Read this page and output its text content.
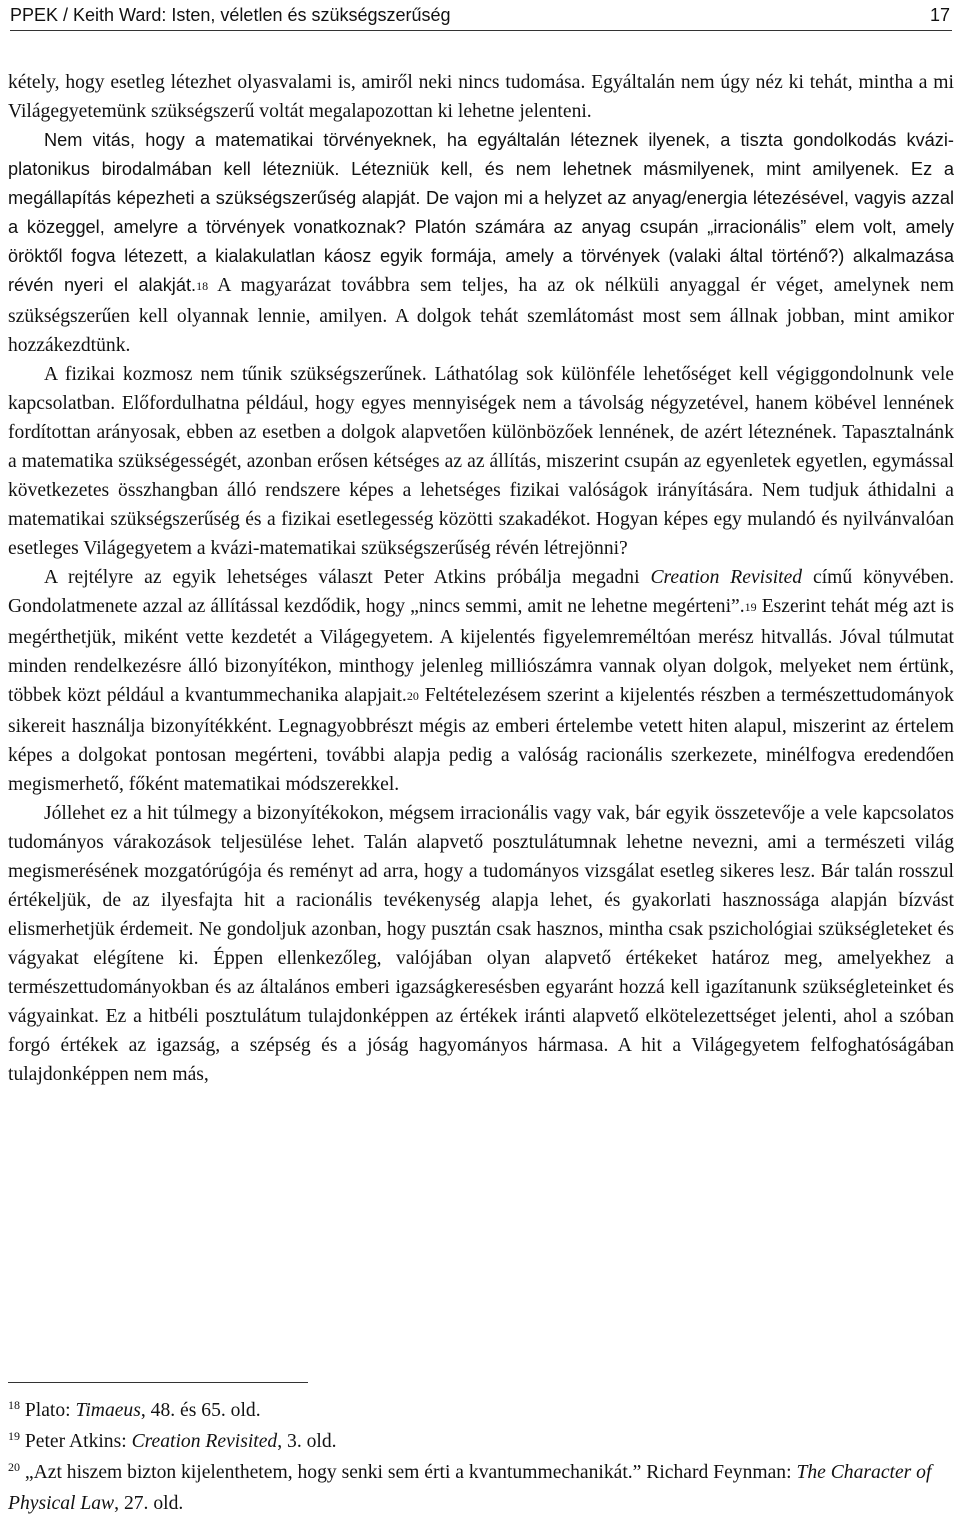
PPEK / Keith Ward: Isten, véletlen és szükségszerűség	17

kétely, hogy esetleg létezhet olyasvalami is, amiről neki nincs tudomása. Egyáltalán nem úgy néz ki tehát, mintha a mi Világegyetemünk szükségszerű voltát megalapozottan ki lehetne jelenteni.

Nem vitás, hogy a matematikai törvényeknek, ha egyáltalán léteznek ilyenek, a tiszta gondolkodás kvázi-platonikus birodalmában kell létezniük. Létezniük kell, és nem lehetnek másmilyenek, mint amilyenek. Ez a megállapítás képezheti a szükségszerűség alapját. De vajon mi a helyzet az anyag/energia létezésével, vagyis azzal a közeggel, amelyre a törvények vonatkoznak? Platón számára az anyag csupán „irracionális” elem volt, amely öröktől fogva létezett, a kialakulatlan káosz egyik formája, amely a törvények (valaki által történő?) alkalmazása révén nyeri el alakját.18 A magyarázat továbbra sem teljes, ha az ok nélküli anyaggal ér véget, amelynek nem szükségszerűen kell olyannak lennie, amilyen. A dolgok tehát szemlátomást most sem állnak jobban, mint amikor hozzákezdtünk.

A fizikai kozmosz nem tűnik szükségszerűnek. Láthatólag sok különféle lehetőséget kell végiggondolnunk vele kapcsolatban. Előfordulhatna például, hogy egyes mennyiségek nem a távolság négyzetével, hanem köbével lennének fordítottan arányosak, ebben az esetben a dolgok alapvetően különbözőek lennének, de azért léteznének. Tapasztalnánk a matematika szükségességét, azonban erősen kétséges az az állítás, miszerint csupán az egyenletek egyetlen, egymással következetes összhangban álló rendszere képes a lehetséges fizikai valóságok irányítására. Nem tudjuk áthidalni a matematikai szükségszerűség és a fizikai esetlegesség közötti szakadékot. Hogyan képes egy mulandó és nyilvánvalóan esetleges Világegyetem a kvázi-matematikai szükségszerűség révén létrejönni?

A rejtélyre az egyik lehetséges választ Peter Atkins próbálja megadni Creation Revisited című könyvében. Gondolatmenete azzal az állítással kezdődik, hogy „nincs semmi, amit ne lehetne megérteni”.19 Eszerint tehát még azt is megérthetjük, miként vette kezdetét a Világegyetem. A kijelentés figyelemreméltóan merész hitvallás. Jóval túlmutat minden rendelkezésre álló bizonyítékon, minthogy jelenleg milliószámra vannak olyan dolgok, melyeket nem értünk, többek közt például a kvantummechanika alapjait.20 Feltételezésem szerint a kijelentés részben a természettudományok sikereit használja bizonyítékként. Legnagyobbrészt mégis az emberi értelembe vetett hiten alapul, miszerint az értelem képes a dolgokat pontosan megérteni, további alapja pedig a valóság racionális szerkezete, minélfogva eredendően megismerhető, főként matematikai módszerekkel.

Jóllehet ez a hit túlmegy a bizonyítékokon, mégsem irracionális vagy vak, bár egyik összetevője a vele kapcsolatos tudományos várakozások teljesülése lehet. Talán alapvető posztulátumnak lehetne nevezni, ami a természeti világ megismerésének mozgatórúgója és reményt ad arra, hogy a tudományos vizsgálat esetleg sikeres lesz. Bár talán rosszul értékeljük, de az ilyesfajta hit a racionális tevékenység alapja lehet, és gyakorlati hasznossága alapján bízvást elismerhetjük érdemeit. Ne gondoljuk azonban, hogy pusztán csak hasznos, mintha csak pszichológiai szükségleteket és vágyakat elégítene ki. Éppen ellenkezőleg, valójában olyan alapvető értékeket határoz meg, amelyekhez a természettudományokban és az általános emberi igazságkeresésben egyaránt hozzá kell igazítanunk szükségleteinket és vágyainkat. Ez a hitbéli posztulátum tulajdonképpen az értékek iránti alapvető elkötelezettséget jelenti, ahol a szóban forgó értékek az igazság, a szépség és a jóság hagyományos hármasa. A hit a Világegyetem felfoghatóságában tulajdonképpen nem más,

$^{18}$ Plato: Timaeus, 48. és 65. old.

$^{19}$ Peter Atkins: Creation Revisited, 3. old.

$^{20}$ „Azt hiszem bizton kijelenthetem, hogy senki sem érti a kvantummechanikát.” Richard Feynman: The Character of Physical Law, 27. old.
